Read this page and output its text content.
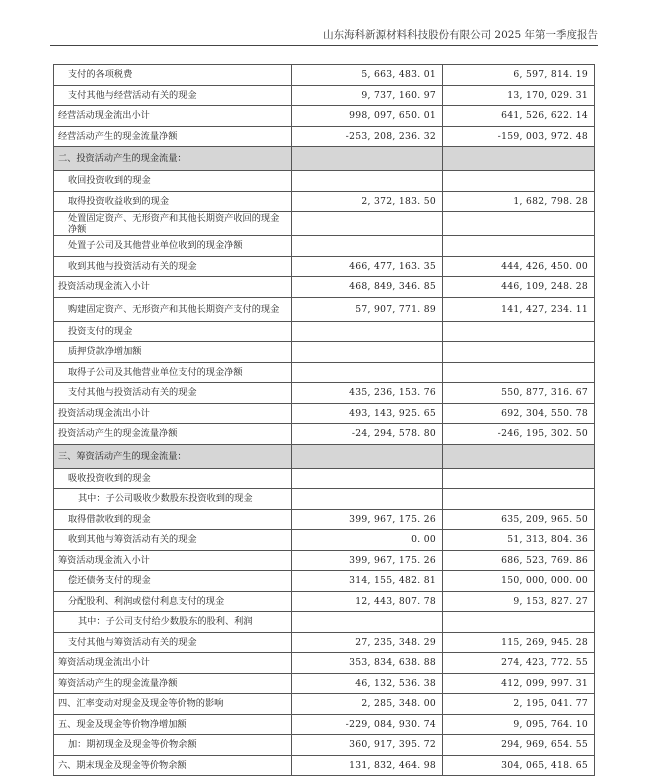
山东海科新源材料科技股份有限公司 2025 年第一季度报告
支付的各项税费	5, 663, 483. 01	6, 597, 814. 19
支付其他与经营活动有关的现金	9, 737, 160. 97	13, 170, 029. 31
经营活动现金流出小计	998, 097, 650. 01	641, 526, 622. 14
经营活动产生的现金流量净额	-253, 208, 236. 32	-159, 003, 972. 48
二、投资活动产生的现金流量：		
收回投资收到的现金		
取得投资收益收到的现金	2, 372, 183. 50	1, 682, 798. 28
处置固定资产、无形资产和其他长期资产收回的现金净额		
处置子公司及其他营业单位收到的现金净额		
收到其他与投资活动有关的现金	466, 477, 163. 35	444, 426, 450. 00
投资活动现金流入小计	468, 849, 346. 85	446, 109, 248. 28
购建固定资产、无形资产和其他长期资产支付的现金	57, 907, 771. 89	141, 427, 234. 11
投资支付的现金		
质押贷款净增加额		
取得子公司及其他营业单位支付的现金净额		
支付其他与投资活动有关的现金	435, 236, 153. 76	550, 877, 316. 67
投资活动现金流出小计	493, 143, 925. 65	692, 304, 550. 78
投资活动产生的现金流量净额	-24, 294, 578. 80	-246, 195, 302. 50
三、筹资活动产生的现金流量：		
吸收投资收到的现金		
其中：子公司吸收少数股东投资收到的现金		
取得借款收到的现金	399, 967, 175. 26	635, 209, 965. 50
收到其他与筹资活动有关的现金	0. 00	51, 313, 804. 36
筹资活动现金流入小计	399, 967, 175. 26	686, 523, 769. 86
偿还债务支付的现金	314, 155, 482. 81	150, 000, 000. 00
分配股利、利润或偿付利息支付的现金	12, 443, 807. 78	9, 153, 827. 27
其中：子公司支付给少数股东的股利、利润		
支付其他与筹资活动有关的现金	27, 235, 348. 29	115, 269, 945. 28
筹资活动现金流出小计	353, 834, 638. 88	274, 423, 772. 55
筹资活动产生的现金流量净额	46, 132, 536. 38	412, 099, 997. 31
四、汇率变动对现金及现金等价物的影响	2, 285, 348. 00	2, 195, 041. 77
五、现金及现金等价物净增加额	-229, 084, 930. 74	9, 095, 764. 10
加：期初现金及现金等价物余额	360, 917, 395. 72	294, 969, 654. 55
六、期末现金及现金等价物余额	131, 832, 464. 98	304, 065, 418. 65
